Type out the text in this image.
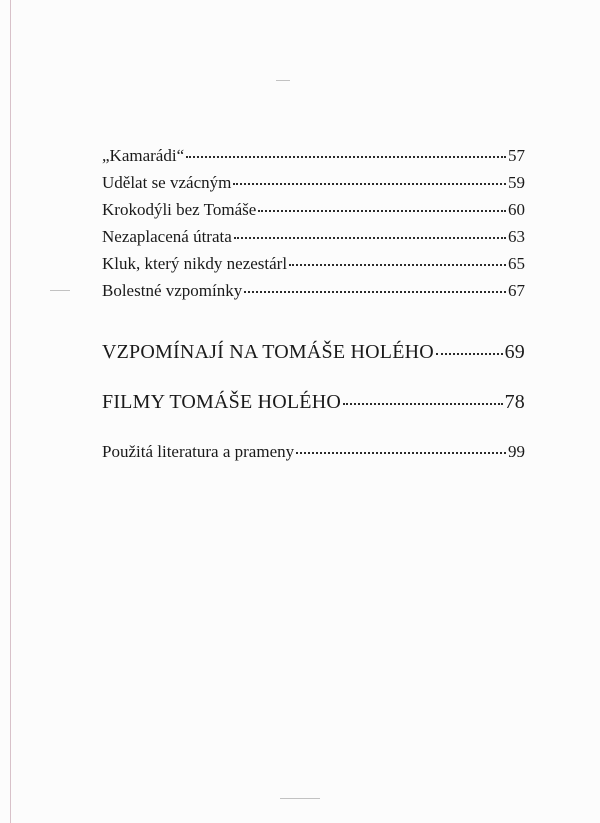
„Kamarádi“	57
Udělat se vzácným	59
Krokodýli bez Tomáše	60
Nezaplacená útrata	63
Kluk, který nikdy nezestárl	65
Bolestné vzpomínky	67
VZPOMÍNAJÍ NA TOMÁŠE HOLÉHO	69
FILMY TOMÁŠE HOLÉHO	78
Použitá literatura a prameny	99
